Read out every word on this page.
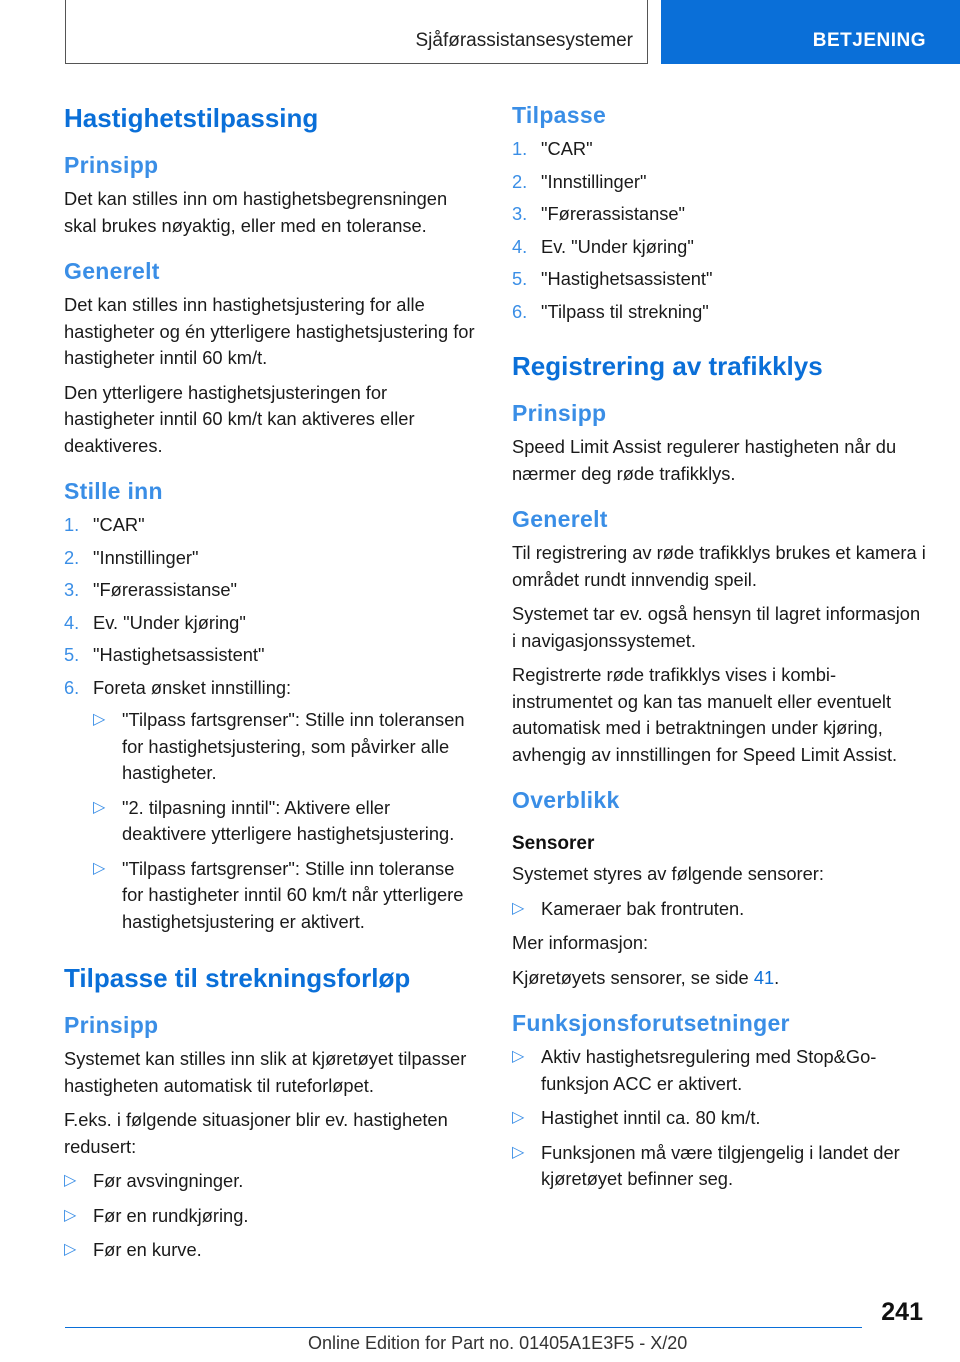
Sjåførassistansesystemer	BETJENING
Hastighetstilpassing
Prinsipp

Det kan stilles inn om hastighetsbegrensningen skal brukes nøyaktig, eller med en toleranse.

Generelt

Det kan stilles inn hastighetsjustering for alle hastigheter og én ytterligere hastighetsjustering for hastigheter inntil 60 km/t.

Den ytterligere hastighetsjusteringen for hastigheter inntil 60 km/t kan aktiveres eller deaktiveres.

Stille inn
1. "CAR"
2. "Innstillinger"
3. "Førerassistanse"
4. Ev. "Under kjøring"
5. "Hastighetsassistent"
6. Foreta ønsket innstilling:
▷ "Tilpass fartsgrenser": Stille inn toleransen for hastighetsjustering, som påvirker alle hastigheter.
▷ "2. tilpasning inntil": Aktivere eller deaktivere ytterligere hastighetsjustering.
▷ "Tilpass fartsgrenser": Stille inn toleranse for hastigheter inntil 60 km/t når ytterligere hastighetsjustering er aktivert.
Tilpasse til strekningsforløp
Prinsipp

Systemet kan stilles inn slik at kjøretøyet tilpasser hastigheten automatisk til ruteforløpet.

F.eks. i følgende situasjoner blir ev. hastigheten redusert:

▷ Før avsvingninger.
▷ Før en rundkjøring.
▷ Før en kurve.
Tilpasse
1. "CAR"
2. "Innstillinger"
3. "Førerassistanse"
4. Ev. "Under kjøring"
5. "Hastighetsassistent"
6. "Tilpass til strekning"
Registrering av trafikklys
Prinsipp

Speed Limit Assist regulerer hastigheten når du nærmer deg røde trafikklys.

Generelt

Til registrering av røde trafikklys brukes et kamera i området rundt innvendig speil.

Systemet tar ev. også hensyn til lagret informasjon i navigasjonssystemet.

Registrerte røde trafikklys vises i kombi-instrumentet og kan tas manuelt eller eventuelt automatisk med i betraktningen under kjøring, avhengig av innstillingen for Speed Limit Assist.

Overblikk
Sensorer

Systemet styres av følgende sensorer:

▷ Kameraer bak frontruten.

Mer informasjon:

Kjøretøyets sensorer, se side 41.

Funksjonsforutsetninger
▷ Aktiv hastighetsregulering med Stop&Go-funksjon ACC er aktivert.
▷ Hastighet inntil ca. 80 km/t.
▷ Funksjonen må være tilgjengelig i landet der kjøretøyet befinner seg.
241
Online Edition for Part no. 01405A1E3F5 - X/20
